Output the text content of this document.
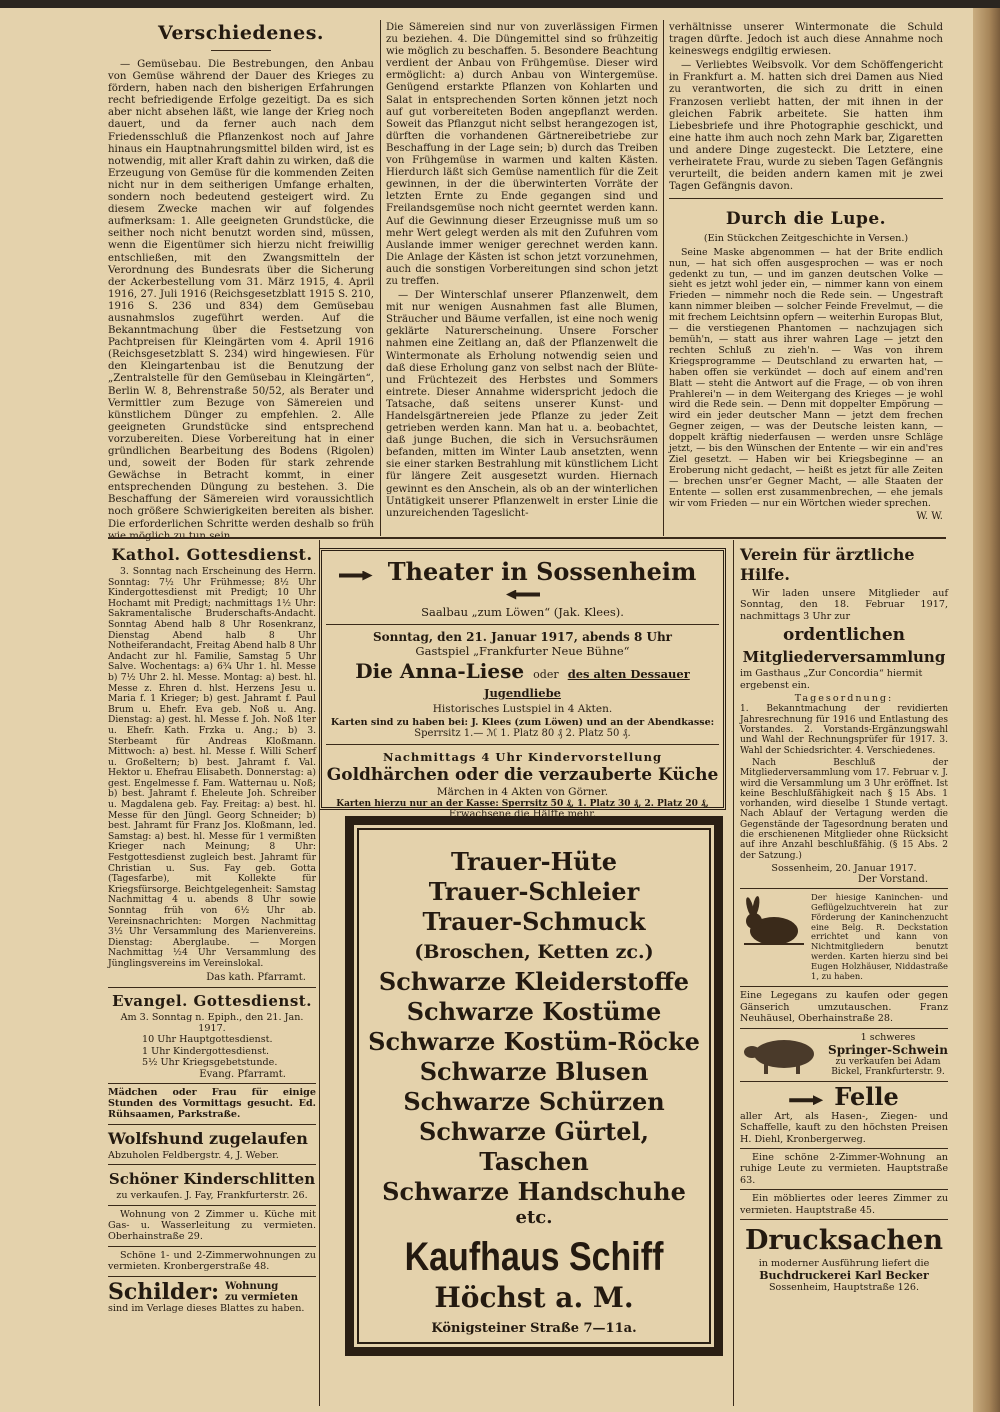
Verschiedenes.

— Gemüsebau. Die Bestrebungen, den Anbau von Gemüse während der Dauer des Krieges zu fördern, haben nach den bisherigen Erfahrungen recht befriedigende Erfolge gezeitigt. Da es sich aber nicht absehen läßt, wie lange der Krieg noch dauert, und da ferner auch nach dem Friedensschluß die Pflanzenkost noch auf Jahre hinaus ein Hauptnahrungsmittel bilden wird, ist es notwendig, mit aller Kraft dahin zu wirken, daß die Erzeugung von Gemüse für die kommenden Zeiten nicht nur in dem seitherigen Umfange erhalten, sondern noch bedeutend gesteigert wird. Zu diesem Zwecke machen wir auf folgendes aufmerksam: 1. Alle geeigneten Grundstücke, die seither noch nicht benutzt worden sind, müssen, wenn die Eigentümer sich hierzu nicht freiwillig entschließen, mit den Zwangsmitteln der Verordnung des Bundesrats über die Sicherung der Ackerbestellung vom 31. März 1915, 4. April 1916, 27. Juli 1916 (Reichsgesetzblatt 1915 S. 210, 1916 S. 236 und 834) dem Gemüsebau ausnahmslos zugeführt werden. Auf die Bekanntmachung über die Festsetzung von Pachtpreisen für Kleingärten vom 4. April 1916 (Reichsgesetzblatt S. 234) wird hingewiesen. Für den Kleingartenbau ist die Benutzung der „Zentralstelle für den Gemüsebau in Kleingärten“, Berlin W. 8, Behrenstraße 50/52, als Berater und Vermittler zum Bezuge von Sämereien und künstlichem Dünger zu empfehlen. 2. Alle geeigneten Grundstücke sind entsprechend vorzubereiten. Diese Vorbereitung hat in einer gründlichen Bearbeitung des Bodens (Rigolen) und, soweit der Boden für stark zehrende Gewächse in Betracht kommt, in einer entsprechenden Düngung zu bestehen. 3. Die Beschaffung der Sämereien wird voraussichtlich noch größere Schwierigkeiten bereiten als bisher. Die erforderlichen Schritte werden deshalb so früh

Die Sämereien sind nur von zuverlässigen Firmen zu beziehen. 4. Die Düngemittel sind so frühzeitig wie möglich zu beschaffen. 5. Besondere Beachtung verdient der Anbau von Frühgemüse. Dieser wird ermöglicht: a) durch Anbau von Wintergemüse. Genügend erstarkte Pflanzen von Kohlarten und Salat in entsprechenden Sorten können jetzt noch auf gut vorbereiteten Boden angepflanzt werden. Soweit das Pflanzgut nicht selbst herangezogen ist, dürften die vorhandenen Gärtnereibetriebe zur Beschaffung in der Lage sein; b) durch das Treiben von Frühgemüse in warmen und kalten Kästen. Hierdurch läßt sich Gemüse namentlich für die Zeit gewinnen, in der die überwinterten Vorräte der letzten Ernte zu Ende gegangen sind und Freilandsgemüse noch nicht geerntet werden kann. Auf die Gewinnung dieser Erzeugnisse muß um so mehr Wert gelegt werden als mit den Zufuhren vom Auslande immer weniger gerechnet werden kann. Die Anlage der Kästen ist schon jetzt vorzunehmen, auch die sonstigen Vorbereitungen sind schon jetzt zu treffen.

— Der Winterschlaf unserer Pflanzenwelt, dem mit nur wenigen Ausnahmen fast alle Blumen, Sträucher und Bäume verfallen, ist eine noch wenig geklärte Naturerscheinung. Unsere Forscher nahmen eine Zeitlang an, daß der Pflanzenwelt die Wintermonate als Erholung notwendig seien und daß diese Erholung ganz von selbst nach der Blüte- und Früchtezeit des Herbstes und Sommers eintrete. Dieser Annahme widerspricht jedoch die Tatsache, daß seitens unserer Kunst- und Handelsgärtnereien jede Pflanze zu jeder Zeit getrieben werden kann. Man hat u. a. beobachtet, daß junge Buchen, die sich in Versuchsräumen befanden, mitten im Winter Laub ansetzten, wenn sie einer starken Bestrahlung mit künstlichem Licht für längere Zeit ausgesetzt wurden. Hiernach gewinnt es den Anschein, als ob an der winterlichen Untätigkeit unserer Pflanzenwelt in erster Linie die unzureichenden Tageslicht-

verhältnisse unserer Wintermonate die Schuld tragen dürfte. Jedoch ist auch diese Annahme noch keineswegs endgiltig erwiesen.

— Verliebtes Weibsvolk. Vor dem Schöffengericht in Frankfurt a. M. hatten sich drei Damen aus Nied zu verantworten, die sich zu dritt in einen Franzosen verliebt hatten, der mit ihnen in der gleichen Fabrik arbeitete. Sie hatten ihm Liebesbriefe und ihre Photographie geschickt, und eine hatte ihm auch noch zehn Mark bar, Zigaretten und andere Dinge zugesteckt. Die Letztere, eine verheiratete Frau, wurde zu sieben Tagen Gefängnis verurteilt, die beiden andern kamen mit je zwei Tagen Gefängnis davon.

Durch die Lupe.
(Ein Stückchen Zeitgeschichte in Versen.)

Seine Maske abgenommen — hat der Brite endlich nun, — hat sich offen ausgesprochen — was er noch gedenkt zu tun, — und im ganzen deutschen Volke — sieht es jetzt wohl jeder ein, — nimmer kann von einem Frieden — nimmehr noch die Rede sein. — Ungestraft kann nimmer bleiben — solcher Feinde Frevelmut, — die mit frechem Leichtsinn opfern — weiterhin Europas Blut, — die verstiegenen Phantomen — nachzujagen sich bemüh'n, — statt aus ihrer wahren Lage — jetzt den rechten Schluß zu zieh'n. — Was von ihrem Kriegsprogramme — Deutschland zu erwarten hat, — haben offen sie verkündet — doch auf einem and'ren Blatt — steht die Antwort auf die Frage, — ob von ihren Prahlerei'n — in dem Weitergang des Krieges — je wohl wird die Rede sein. — Denn mit doppelter Empörung — wird ein jeder deutscher Mann — jetzt dem frechen Gegner zeigen, — was der Deutsche leisten kann, — doppelt kräftig niederfausen — werden unsre Schläge jetzt, — bis den Wünschen der Entente — wir ein and'res Ziel gesetzt. — Haben wir bei Kriegsbeginne — an Eroberung nicht gedacht, — heißt es jetzt für alle Zeiten — brechen unsr'er Gegner Macht, — alle Staaten der Entente — sollen erst zusammenbrechen, — ehe jemals wir vom Frieden — nur ein Wörtchen wieder sprechen.

W. W.
Kathol. Gottesdienst.

3. Sonntag nach Erscheinung des Herrn. Sonntag: 7½ Uhr Frühmesse; 8½ Uhr Kindergottesdienst mit Predigt; 10 Uhr Hochamt mit Predigt; nachmittags 1½ Uhr: Sakramentalische Bruderschafts-Andacht. Sonntag Abend halb 8 Uhr Rosenkranz, Dienstag Abend halb 8 Uhr Notheiferandacht, Freitag Abend halb 8 Uhr Andacht zur hl. Familie, Samstag 5 Uhr Salve. Wochentags: a) 6¾ Uhr 1. hl. Messe b) 7½ Uhr 2. hl. Messe. Montag: a) best. hl. Messe z. Ehren d. hlst. Herzens Jesu u. Maria f. 1 Krieger; b) gest. Jahramt f. Paul Brum u. Ehefr. Eva geb. Noß u. Ang. Dienstag: a) gest. hl. Messe f. Joh. Noß 1ter u. Ehefr. Kath. Frzka u. Ang.; b) 3. Sterbeamt für Andreas Kloßmann. Mittwoch: a) best. hl. Messe f. Willi Scherf u. Großeltern; b) best. Jahramt f. Val. Hektor u. Ehefrau Elisabeth. Donnerstag: a) gest. Engelmesse f. Fam. Watternau u. Noß; b) best. Jahramt f. Eheleute Joh. Schreiber u. Magdalena geb. Fay. Freitag: a) best. hl. Messe für den Jüngl. Georg Schneider; b) best. Jahramt für Franz Jos. Kloßmann, led. Samstag: a) best. hl. Messe für 1 vermißten Krieger nach Meinung; 8 Uhr: Festgottesdienst zugleich best. Jahramt für Christian u. Sus. Fay geb. Gotta (Tagesfarbe), mit Kollekte für Kriegsfürsorge. Beichtgelegenheit: Samstag Nachmittag 4 u. abends 8 Uhr sowie Sonntag früh von 6½ Uhr ab. Vereinsnachrichten: Morgen Nachmittag 3½ Uhr Versammlung des Marienvereins. Dienstag: Aberglaube. — Morgen Nachmittag ½4 Uhr Versammlung des Jünglingsvereins im Vereinslokal.

Das kath. Pfarramt.
Evangel. Gottesdienst.
Am 3. Sonntag n. Epiph., den 21. Jan. 1917.
10 Uhr Hauptgottesdienst.
1 Uhr Kindergottesdienst.
5½ Uhr Kriegsgebetstunde.
Evang. Pfarramt.

Mädchen oder Frau für einige Stunden des Vormittags gesucht. Ed. Rühsaamen, Parkstraße.

Wolfshund zugelaufen
Abzuholen Feldbergstr. 4, J. Weber.
Schöner Kinderschlitten
zu verkaufen. J. Fay, Frankfurterstr. 26.

Wohnung von 2 Zimmer u. Küche mit Gas- u. Wasserleitung zu vermieten. Oberhainstraße 29.

Schöne 1- und 2-Zimmerwohnungen zu vermieten. Kronbergerstraße 48.

Schilder: Wohnung
zu vermieten
sind im Verlage dieses Blattes zu haben.
Theater in Sossenheim
Saalbau „zum Löwen“ (Jak. Klees).
Sonntag, den 21. Januar 1917, abends 8 Uhr
Gastspiel „Frankfurter Neue Bühne“
Die Anna-Liese oder des alten Dessauer Jugendliebe
Historisches Lustspiel in 4 Akten.
Karten sind zu haben bei: J. Klees (zum Löwen) und an der Abendkasse:
Sperrsitz 1.— ℳ 1. Platz 80 ₰ 2. Platz 50 ₰.
Nachmittags 4 Uhr Kindervorstellung
Goldhärchen oder die verzauberte Küche
Märchen in 4 Akten von Görner.
Karten hierzu nur an der Kasse: Sperrsitz 50 ₰, 1. Platz 30 ₰, 2. Platz 20 ₰,
Erwachsene die Hälfte mehr.
Trauer-Hüte
Trauer-Schleier
Trauer-Schmuck
(Broschen, Ketten zc.)
Schwarze Kleiderstoffe
Schwarze Kostüme
Schwarze Kostüm-Röcke
Schwarze Blusen
Schwarze Schürzen
Schwarze Gürtel, Taschen
Schwarze Handschuhe
etc.
Kaufhaus Schiff
Höchst a. M.
Königsteiner Straße 7—11a.
Verein für ärztliche Hilfe.

Wir laden unsere Mitglieder auf Sonntag, den 18. Februar 1917, nachmittags 3 Uhr zur

ordentlichen
Mitgliederversammlung
im Gasthaus „Zur Concordia“ hiermit ergebenst ein.
Tagesordnung:

1. Bekanntmachung der revidierten Jahresrechnung für 1916 und Entlastung des Vorstandes. 2. Vorstands-Ergänzungswahl und Wahl der Rechnungsprüfer für 1917. 3. Wahl der Schiedsrichter. 4. Verschiedenes.

Nach Beschluß der Mitgliederversammlung vom 17. Februar v. J. wird die Versammlung um 3 Uhr eröffnet. Ist keine Beschlußfähigkeit nach § 15 Abs. 1 vorhanden, wird dieselbe 1 Stunde vertagt. Nach Ablauf der Vertagung werden die Gegenstände der Tagesordnung beraten und die erschienenen Mitglieder ohne Rücksicht auf ihre Anzahl beschlußfähig. (§ 15 Abs. 2 der Satzung.)

Sossenheim, 20. Januar 1917.
Der Vorstand.

Der hiesige Kaninchen- und Geflügelzuchtverein hat zur Förderung der Kaninchenzucht eine Belg. R. Deckstation errichtet und kann von Nichtmitgliedern benutzt werden. Karten hierzu sind bei Eugen Holzhäuser, Niddastraße 1, zu haben.

Eine Legegans zu kaufen oder gegen Gänserich umzutauschen. Franz Neuhäusel, Oberhainstraße 28.

1 schweres
Springer-Schwein
zu verkaufen bei Adam Bickel, Frankfurterstr. 9.
Felle

aller Art, als Hasen-, Ziegen- und Schaffelle, kauft zu den höchsten Preisen H. Diehl, Kronbergerweg.

Eine schöne 2-Zimmer-Wohnung an ruhige Leute zu vermieten. Hauptstraße 63.

Ein möbliertes oder leeres Zimmer zu vermieten. Hauptstraße 45.

Drucksachen
in moderner Ausführung liefert die
Buchdruckerei Karl Becker
Sossenheim, Hauptstraße 126.
